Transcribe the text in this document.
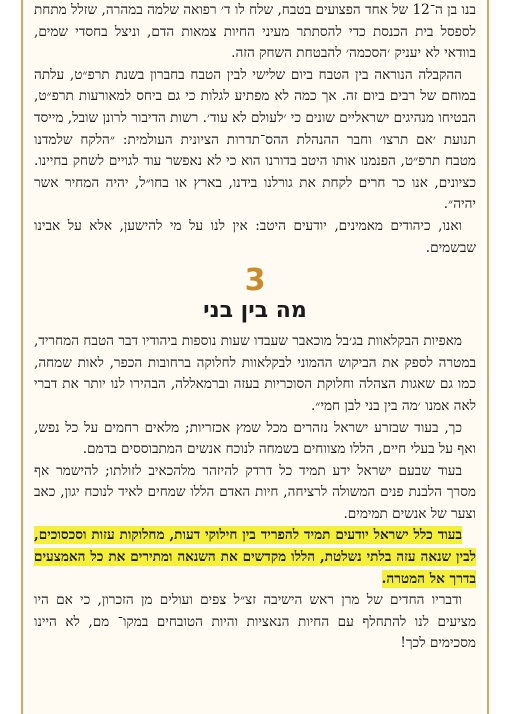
בנו בן ה־12 של אחד הפצועים בטבח, שלח לו ד׳ רפואה שלמה במהרה, שזלל מתחת לספסל בית הכנסת כדי להסתתר מעיני החיות צמאות הדם, וניצל בחסדי שמים, בוודאי לא יעניק ׳הסכמה׳ להבטחת השחק הזה.

ההקבלה הנוראה בין הטבח ביום שלישי לבין הטבח בחברון בשנת תרפ״ט, עלתה במוחם של רבים ביום זה. אך כמה לא מפתיע לגלות כי גם ביחס למאורעות תרפ״ט, הבטיחו מנהיגים ישראליים שונים כי ׳לעולם לא עוד׳. רשות הדיבור לרונן שובל, מייסד תנועת ׳אם תרצו׳ וחבר ההנהלת ההס־תדרות הציונית העולמית: ״הלקח שלמדנו מטבח תרפ״ט, הפנמנו אותו היטב בדורנו הוא כי לא נאפשר עוד לגויים לשחק בחיינו. כציונים, אנו כר חרים לקחת את גורלנו בידנו, בארץ או בחו״ל, יהיה המחיר אשר יהיה״.

ואנו, כיהודים מאמינים, יודעים היטב: אין לנו על מי להישען, אלא על אבינו שבשמים.

3
מה בין בני

מאפיות הבקלאוות בג׳בל מוכאבר שעבדו שעות נוספות ביהודיו דבר הטבח המחריד, במטרה לספק את הביקוש ההמוני לבקלאוות לחלוקה ברחובות הכפר, לאות שמחה, כמו גם שאגות הצהלה וחלוקת הסוכריות בעזה וברמאללה, הבהירו לנו יותר את דברי לאה אמנו ׳מה בין בני לבן חמי״.

כך, בעוד שבזרע ישראל נזהרים מכל שמץ אכזריות; מלאים רחמים על כל נפש, ואף על בעלי חיים, הללו מצווחים בשמחה לנוכח אנשים המתבוססים בדמם.

בעוד שבעם ישראל ידע תמיד כל דרדק להיזהר מלהכאיב לזולתו; להישמר אף מסרך הלבנת פנים המשולה לרציחה, חיות האדם הללו שמחים לאיד לנוכח יגון, כאב וצער של אנשים תמימים.

בעוד כלל ישראל יודעים תמיד להפריד בין חילוקי דעות, מחלוקות עזות וסכסוכים, לבין שנאה עזה בלתי נשלטת, הללו מקדשים את השנאה ומתירים את כל האמצעים בדרך אל המטרה.

ודבריו החדים של מרן ראש הישיבה זצ״ל צפים ועולים מן הזכרון, כי אם היו מציעים לנו להתחלף עם החיות הנאציות והיות הטובחים במקו־ מם, לא היינו מסכימים לכך!
